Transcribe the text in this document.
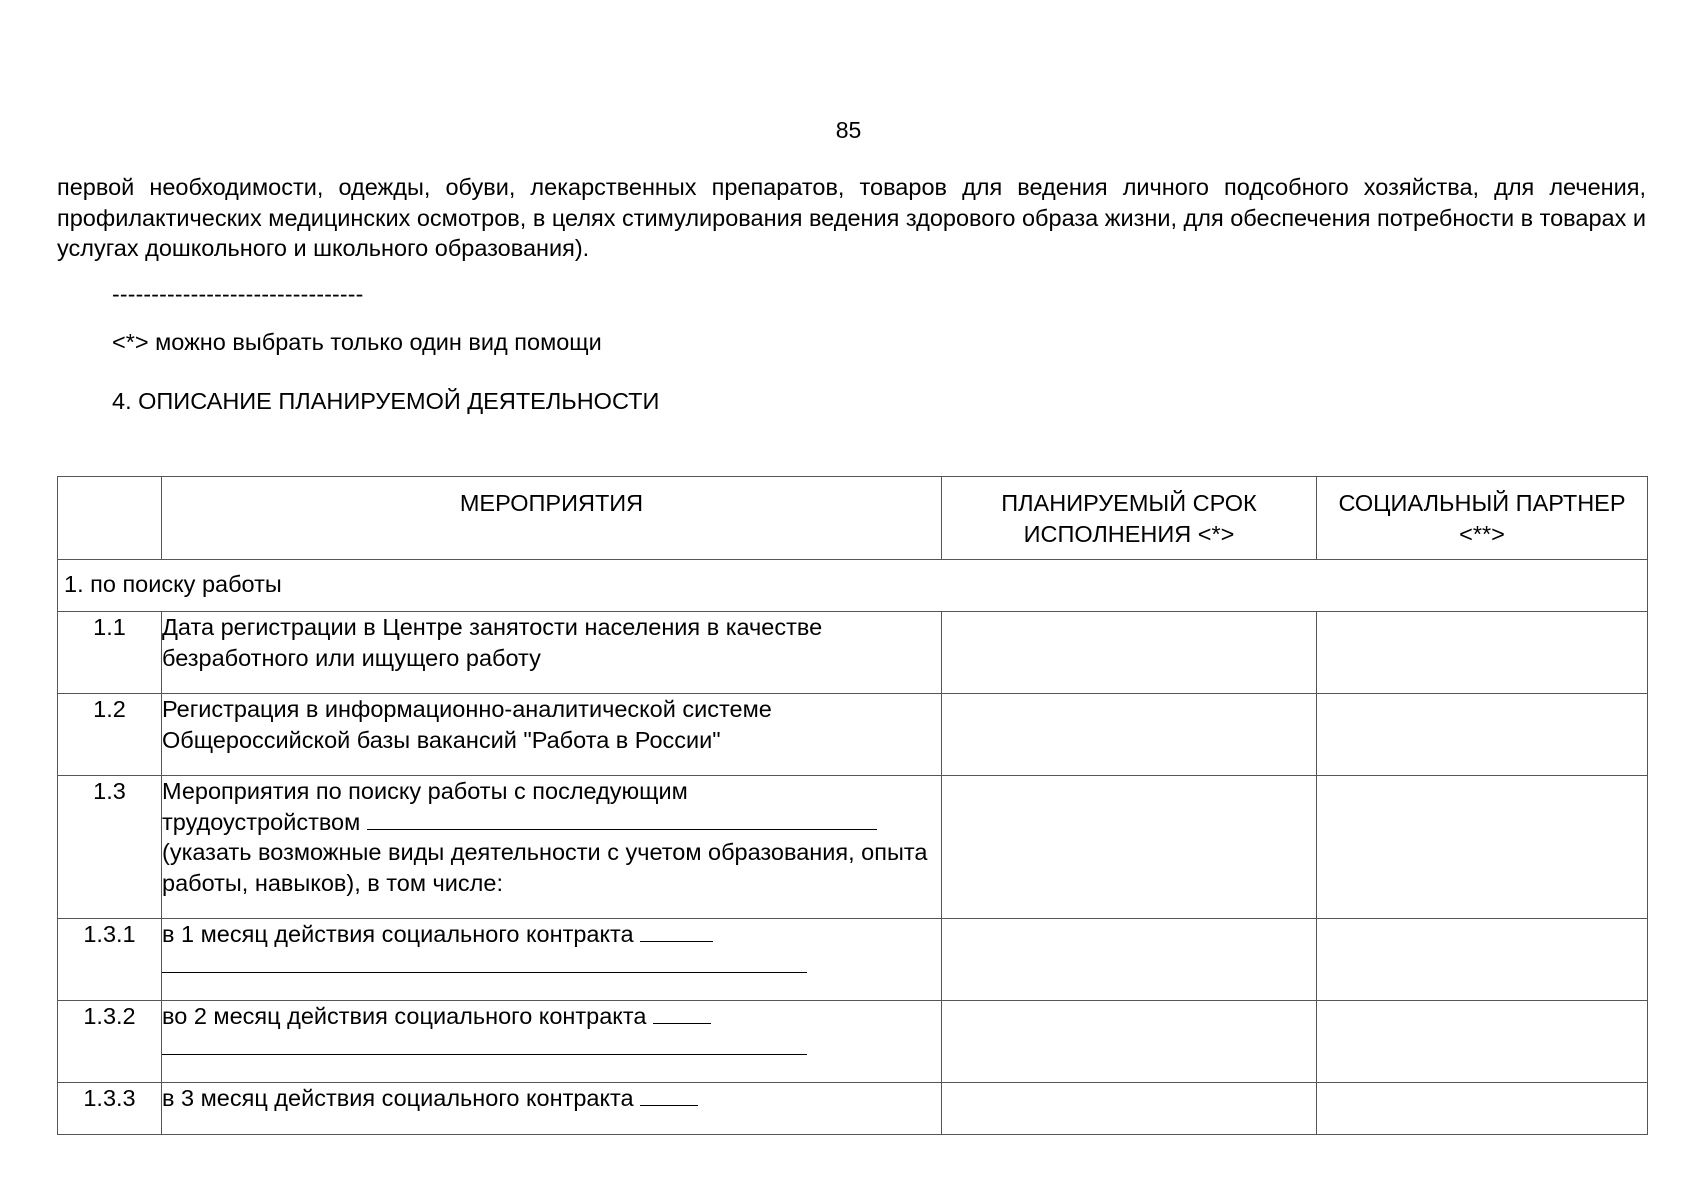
85

первой необходимости, одежды, обуви, лекарственных препаратов, товаров для ведения личного подсобного хозяйства, для лечения, профилактических медицинских осмотров, в целях стимулирования ведения здорового образа жизни, для обеспечения потребности в товарах и услугах дошкольного и школьного образования).

--------------------------------
<*> можно выбрать только один вид помощи
4. ОПИСАНИЕ ПЛАНИРУЕМОЙ ДЕЯТЕЛЬНОСТИ
	МЕРОПРИЯТИЯ	ПЛАНИРУЕМЫЙ СРОК ИСПОЛНЕНИЯ <*>	СОЦИАЛЬНЫЙ ПАРТНЕР <**>
1. по поиску работы			
1.1	Дата регистрации в Центре занятости населения в качестве безработного или ищущего работу		
1.2	Регистрация в информационно-аналитической системе Общероссийской базы вакансий "Работа в России"		
1.3	Мероприятия по поиску работы с последующим
трудоустройством
(указать возможные виды деятельности с учетом образования, опыта работы, навыков), в том числе:		
1.3.1	в 1 месяц действия социального контракта

1.3.2	во 2 месяц действия социального контракта

1.3.3	в 3 месяц действия социального контракта		
